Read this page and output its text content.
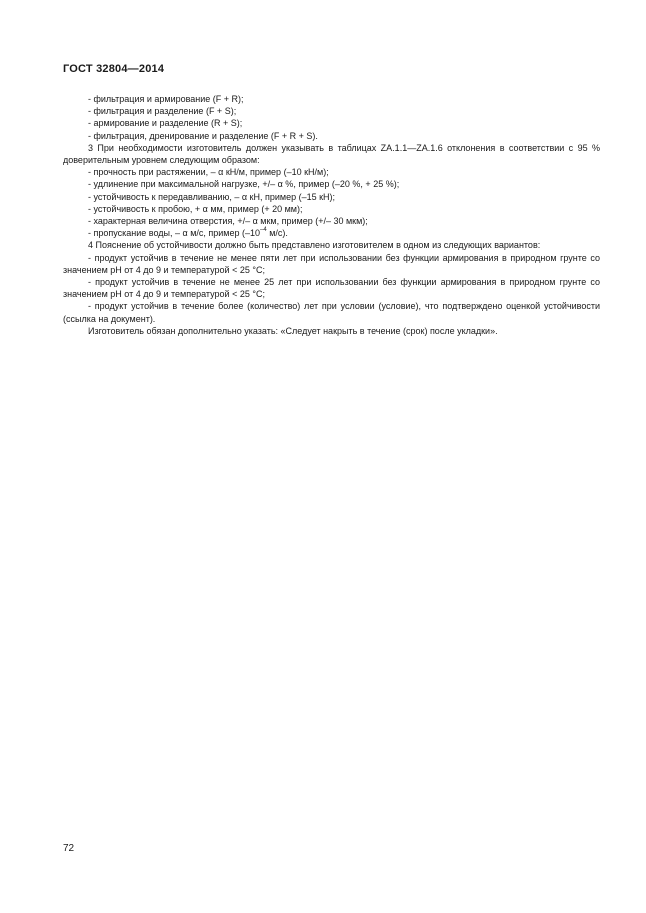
ГОСТ 32804—2014

- фильтрация и армирование (F + R);

- фильтрация и разделение (F + S);

- армирование и разделение (R + S);

- фильтрация, дренирование и разделение (F + R + S).

3 При необходимости изготовитель должен указывать в таблицах ZA.1.1—ZA.1.6 отклонения в соответствии с 95 % доверительным уровнем следующим образом:

- прочность при растяжении, – α кН/м, пример (–10 кН/м);

- удлинение при максимальной нагрузке, +/– α %, пример (–20 %, + 25 %);

- устойчивость к передавливанию, – α кН, пример (–15 кН);

- устойчивость к пробою, + α мм, пример (+ 20 мм);

- характерная величина отверстия, +/– α мкм, пример (+/– 30 мкм);

- пропускание воды, – α м/с, пример ($-10^{-4}$ м/с).

4 Пояснение об устойчивости должно быть представлено изготовителем в одном из следующих вариантов:

- продукт устойчив в течение не менее пяти лет при использовании без функции армирования в природном грунте со значением рН от 4 до 9 и температурой < 25 °С;

- продукт устойчив в течение не менее 25 лет при использовании без функции армирования в природном грунте со значением рН от 4 до 9 и температурой < 25 °С;

- продукт устойчив в течение более (количество) лет при условии (условие), что подтверждено оценкой устойчивости (ссылка на документ).

Изготовитель обязан дополнительно указать: «Следует накрыть в течение (срок) после укладки».

72
